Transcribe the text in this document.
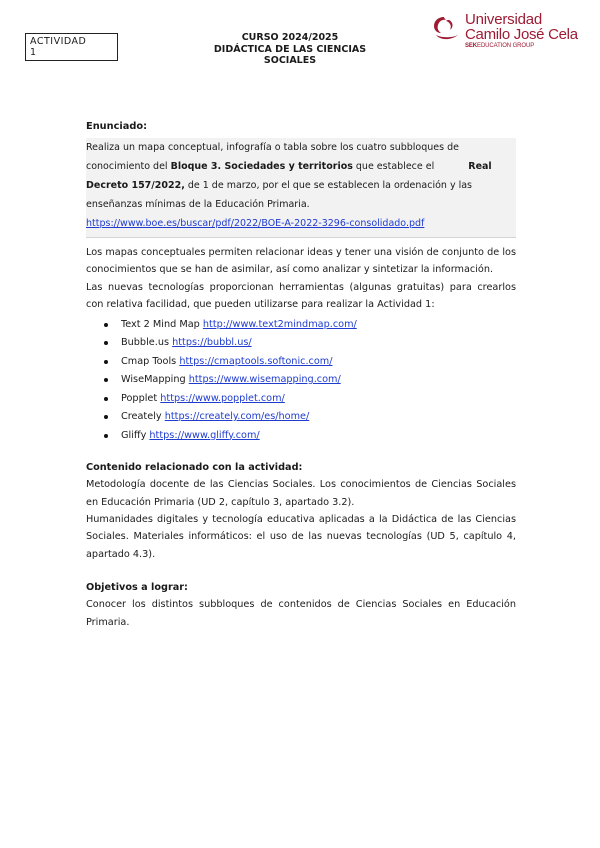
ACTIVIDAD
1
CURSO 2024/2025
DIDÁCTICA DE LAS CIENCIAS
SOCIALES
Universidad
Camilo José Cela
SEKEDUCATION GROUP
Enunciado:
Realiza un mapa conceptual, infografía o tabla sobre los cuatro subbloques de conocimiento del Bloque 3. Sociedades y territorios que establece el	Real Decreto 157/2022, de 1 de marzo, por el que se establecen la ordenación y las enseñanzas mínimas de la Educación Primaria.
https://www.boe.es/buscar/pdf/2022/BOE-A-2022-3296-consolidado.pdf

Los mapas conceptuales permiten relacionar ideas y tener una visión de conjunto de los conocimientos que se han de asimilar, así como analizar y sintetizar la información.

Las nuevas tecnologías proporcionan herramientas (algunas gratuitas) para crearlos con relativa facilidad, que pueden utilizarse para realizar la Actividad 1:

Text 2 Mind Map http://www.text2mindmap.com/
Bubble.us https://bubbl.us/
Cmap Tools https://cmaptools.softonic.com/
WiseMapping https://www.wisemapping.com/
Popplet https://www.popplet.com/
Creately https://creately.com/es/home/
Gliffy https://www.gliffy.com/
Contenido relacionado con la actividad:

Metodología docente de las Ciencias Sociales. Los conocimientos de Ciencias Sociales en Educación Primaria (UD 2, capítulo 3, apartado 3.2).

Humanidades digitales y tecnología educativa aplicadas a la Didáctica de las Ciencias Sociales. Materiales informáticos: el uso de las nuevas tecnologías (UD 5, capítulo 4, apartado 4.3).

Objetivos a lograr:

Conocer los distintos subbloques de contenidos de Ciencias Sociales en Educación Primaria.
